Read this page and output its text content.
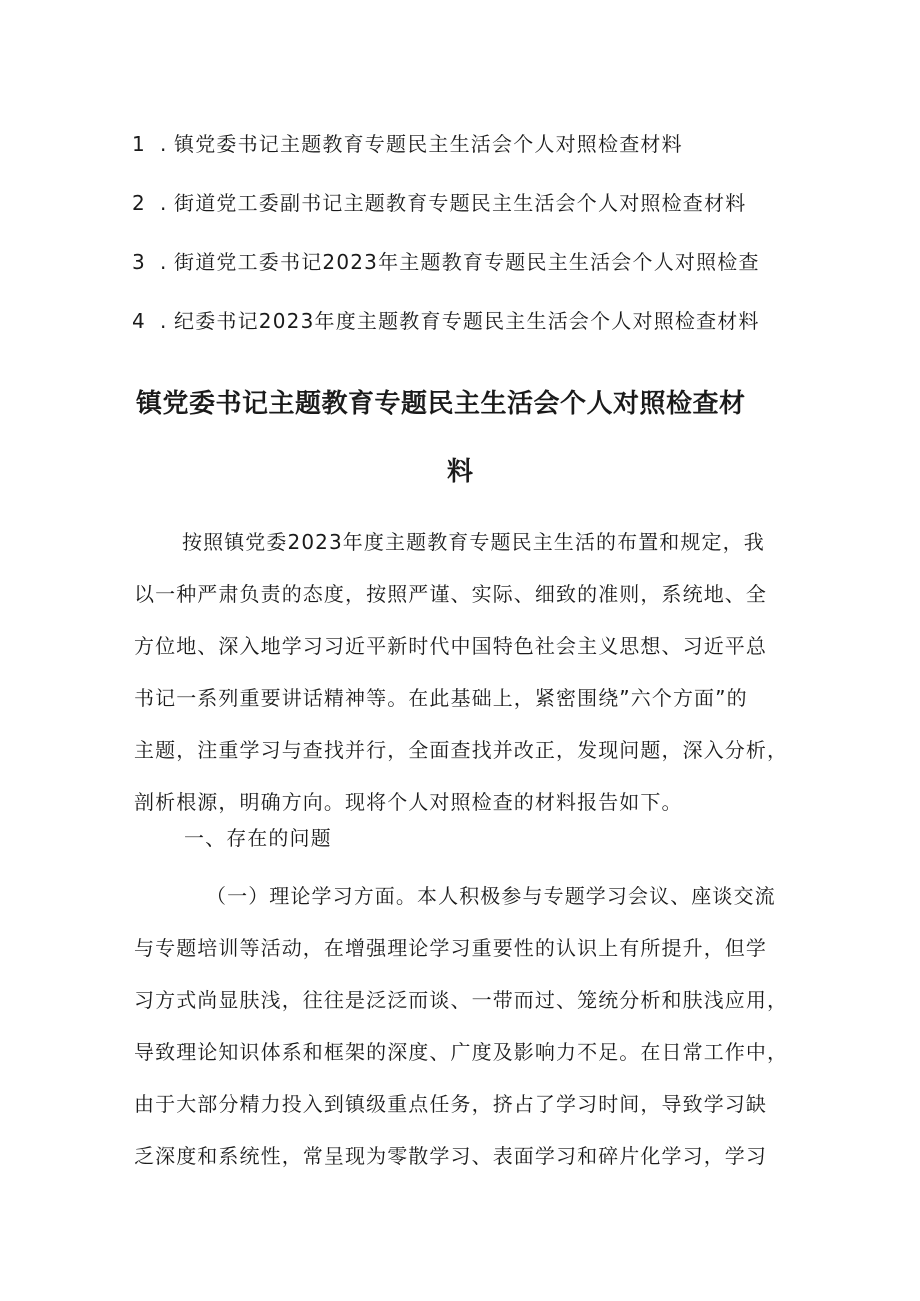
1 . 镇党委书记主题教育专题民主生活会个人对照检查材料
2 . 街道党工委副书记主题教育专题民主生活会个人对照检查材料
3 . 街道党工委书记2023年主题教育专题民主生活会个人对照检查
4 . 纪委书记2023年度主题教育专题民主生活会个人对照检查材料
镇党委书记主题教育专题民主生活会个人对照检查材
料
按照镇党委2023年度主题教育专题民主生活的布置和规定，我
以一种严肃负责的态度，按照严谨、实际、细致的准则，系统地、全
方位地、深入地学习习近平新时代中国特色社会主义思想、习近平总
书记一系列重要讲话精神等。在此基础上，紧密围绕”六个方面”的
主题，注重学习与查找并行，全面查找并改正，发现问题，深入分析，
剖析根源，明确方向。现将个人对照检查的材料报告如下。
一、存在的问题
（一）理论学习方面。本人积极参与专题学习会议、座谈交流
与专题培训等活动，在增强理论学习重要性的认识上有所提升，但学
习方式尚显肤浅，往往是泛泛而谈、一带而过、笼统分析和肤浅应用，
导致理论知识体系和框架的深度、广度及影响力不足。在日常工作中，
由于大部分精力投入到镇级重点任务，挤占了学习时间，导致学习缺
乏深度和系统性，常呈现为零散学习、表面学习和碎片化学习，学习
